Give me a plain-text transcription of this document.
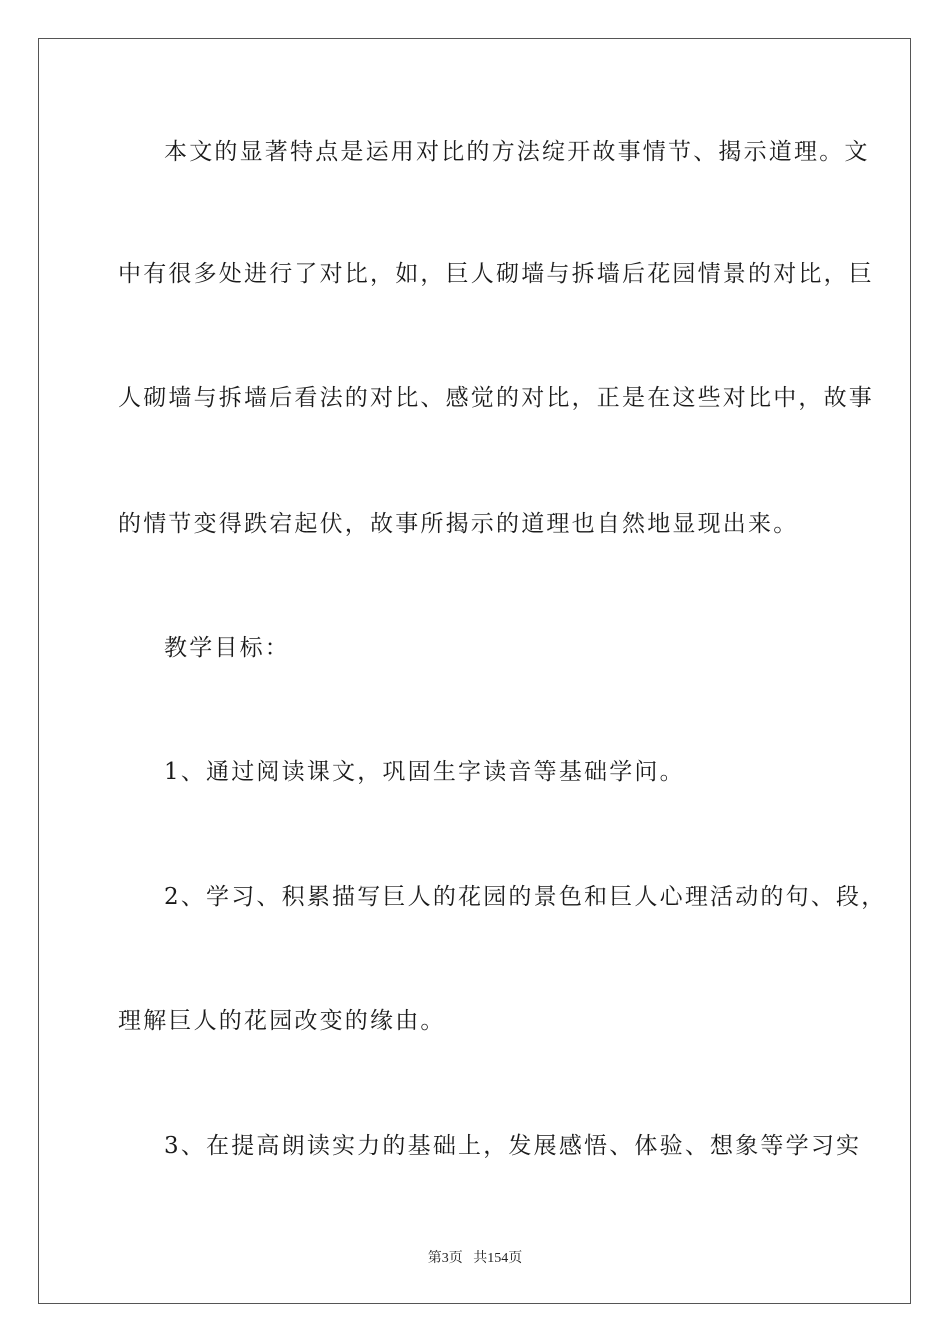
本文的显著特点是运用对比的方法绽开故事情节、揭示道理。文
中有很多处进行了对比，如，巨人砌墙与拆墙后花园情景的对比，巨
人砌墙与拆墙后看法的对比、感觉的对比，正是在这些对比中，故事
的情节变得跌宕起伏，故事所揭示的道理也自然地显现出来。
教学目标：
1、通过阅读课文，巩固生字读音等基础学问。
2、学习、积累描写巨人的花园的景色和巨人心理活动的句、段，
理解巨人的花园改变的缘由。
3、在提高朗读实力的基础上，发展感悟、体验、想象等学习实
第3页 共154页
